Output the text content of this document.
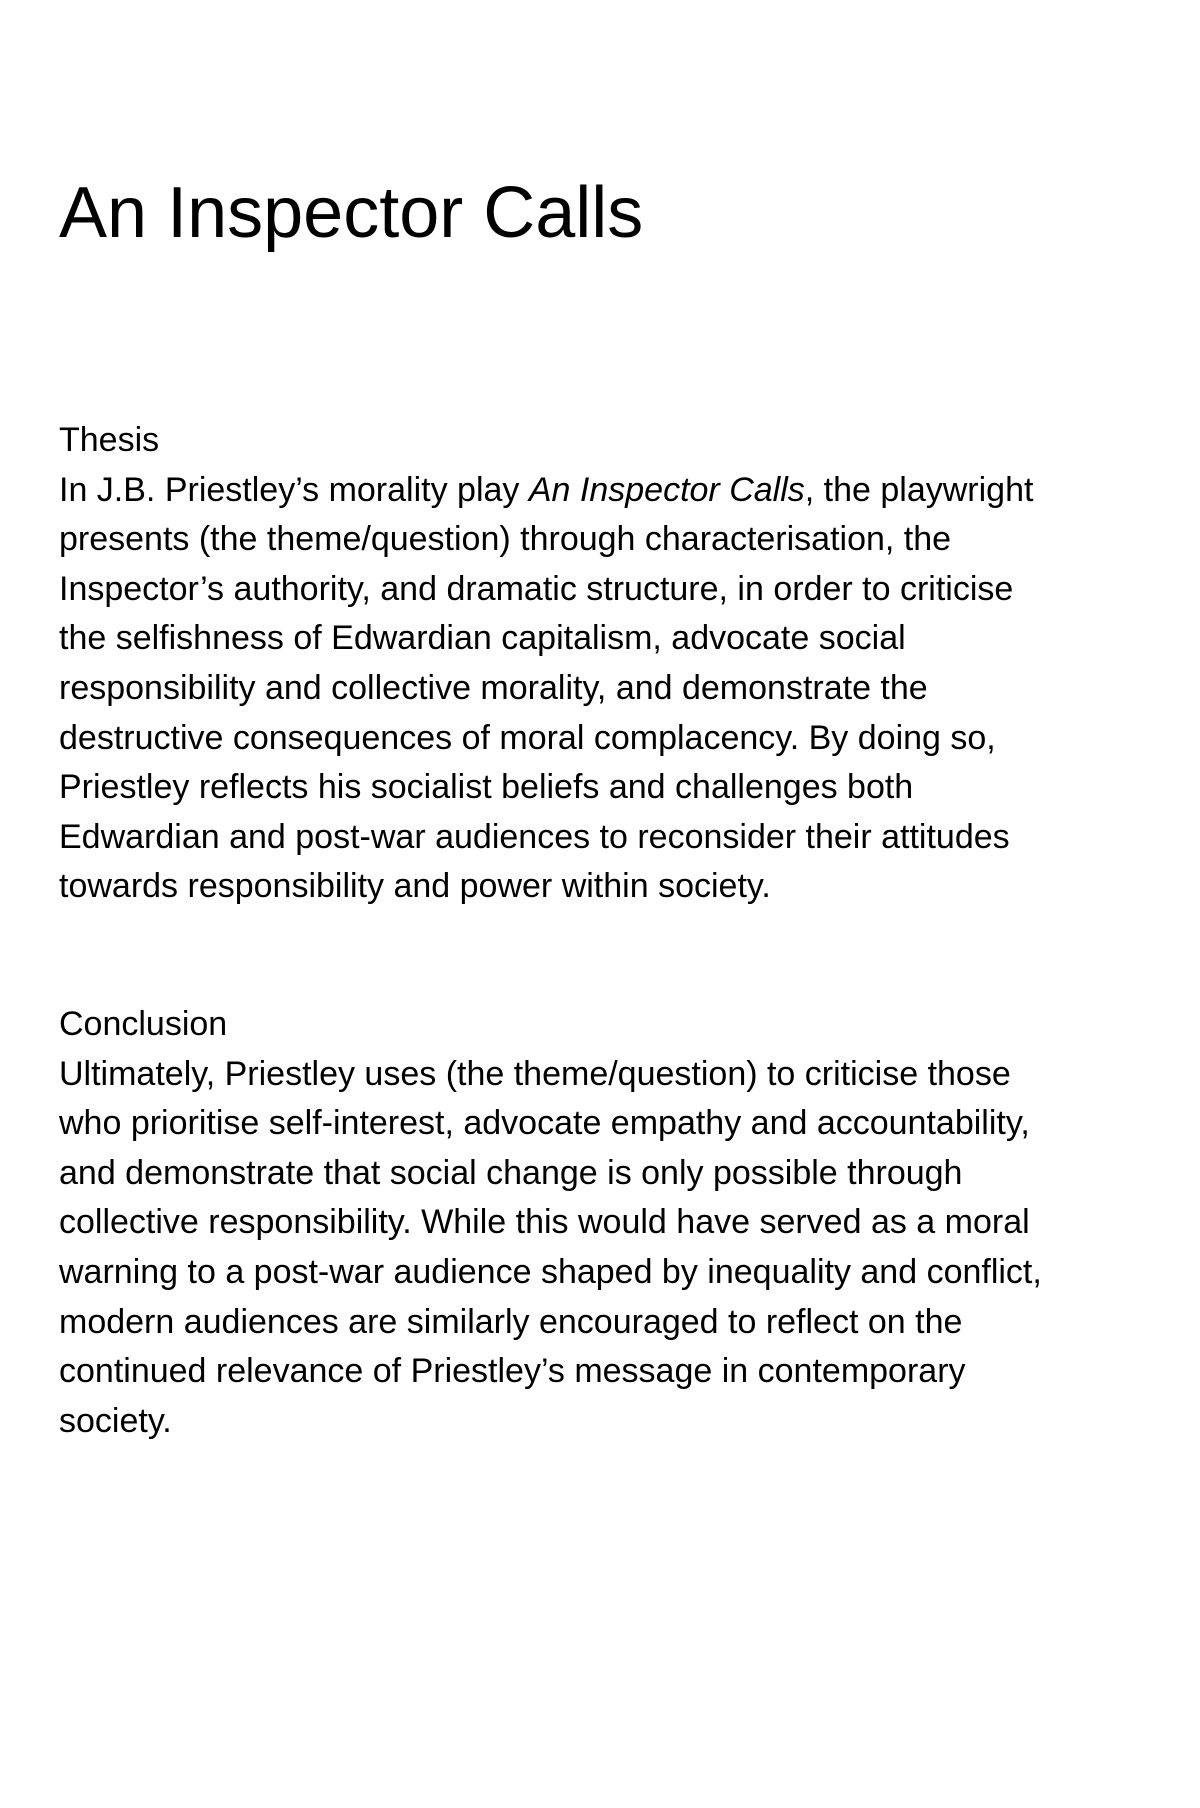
An Inspector Calls
Thesis
In J.B. Priestley’s morality play An Inspector Calls, the playwright
presents (the theme/question) through characterisation, the
Inspector’s authority, and dramatic structure, in order to criticise
the selfishness of Edwardian capitalism, advocate social
responsibility and collective morality, and demonstrate the
destructive consequences of moral complacency. By doing so,
Priestley reflects his socialist beliefs and challenges both
Edwardian and post-war audiences to reconsider their attitudes
towards responsibility and power within society.
Conclusion
Ultimately, Priestley uses (the theme/question) to criticise those
who prioritise self-interest, advocate empathy and accountability,
and demonstrate that social change is only possible through
collective responsibility. While this would have served as a moral
warning to a post-war audience shaped by inequality and conflict,
modern audiences are similarly encouraged to reflect on the
continued relevance of Priestley’s message in contemporary
society.
